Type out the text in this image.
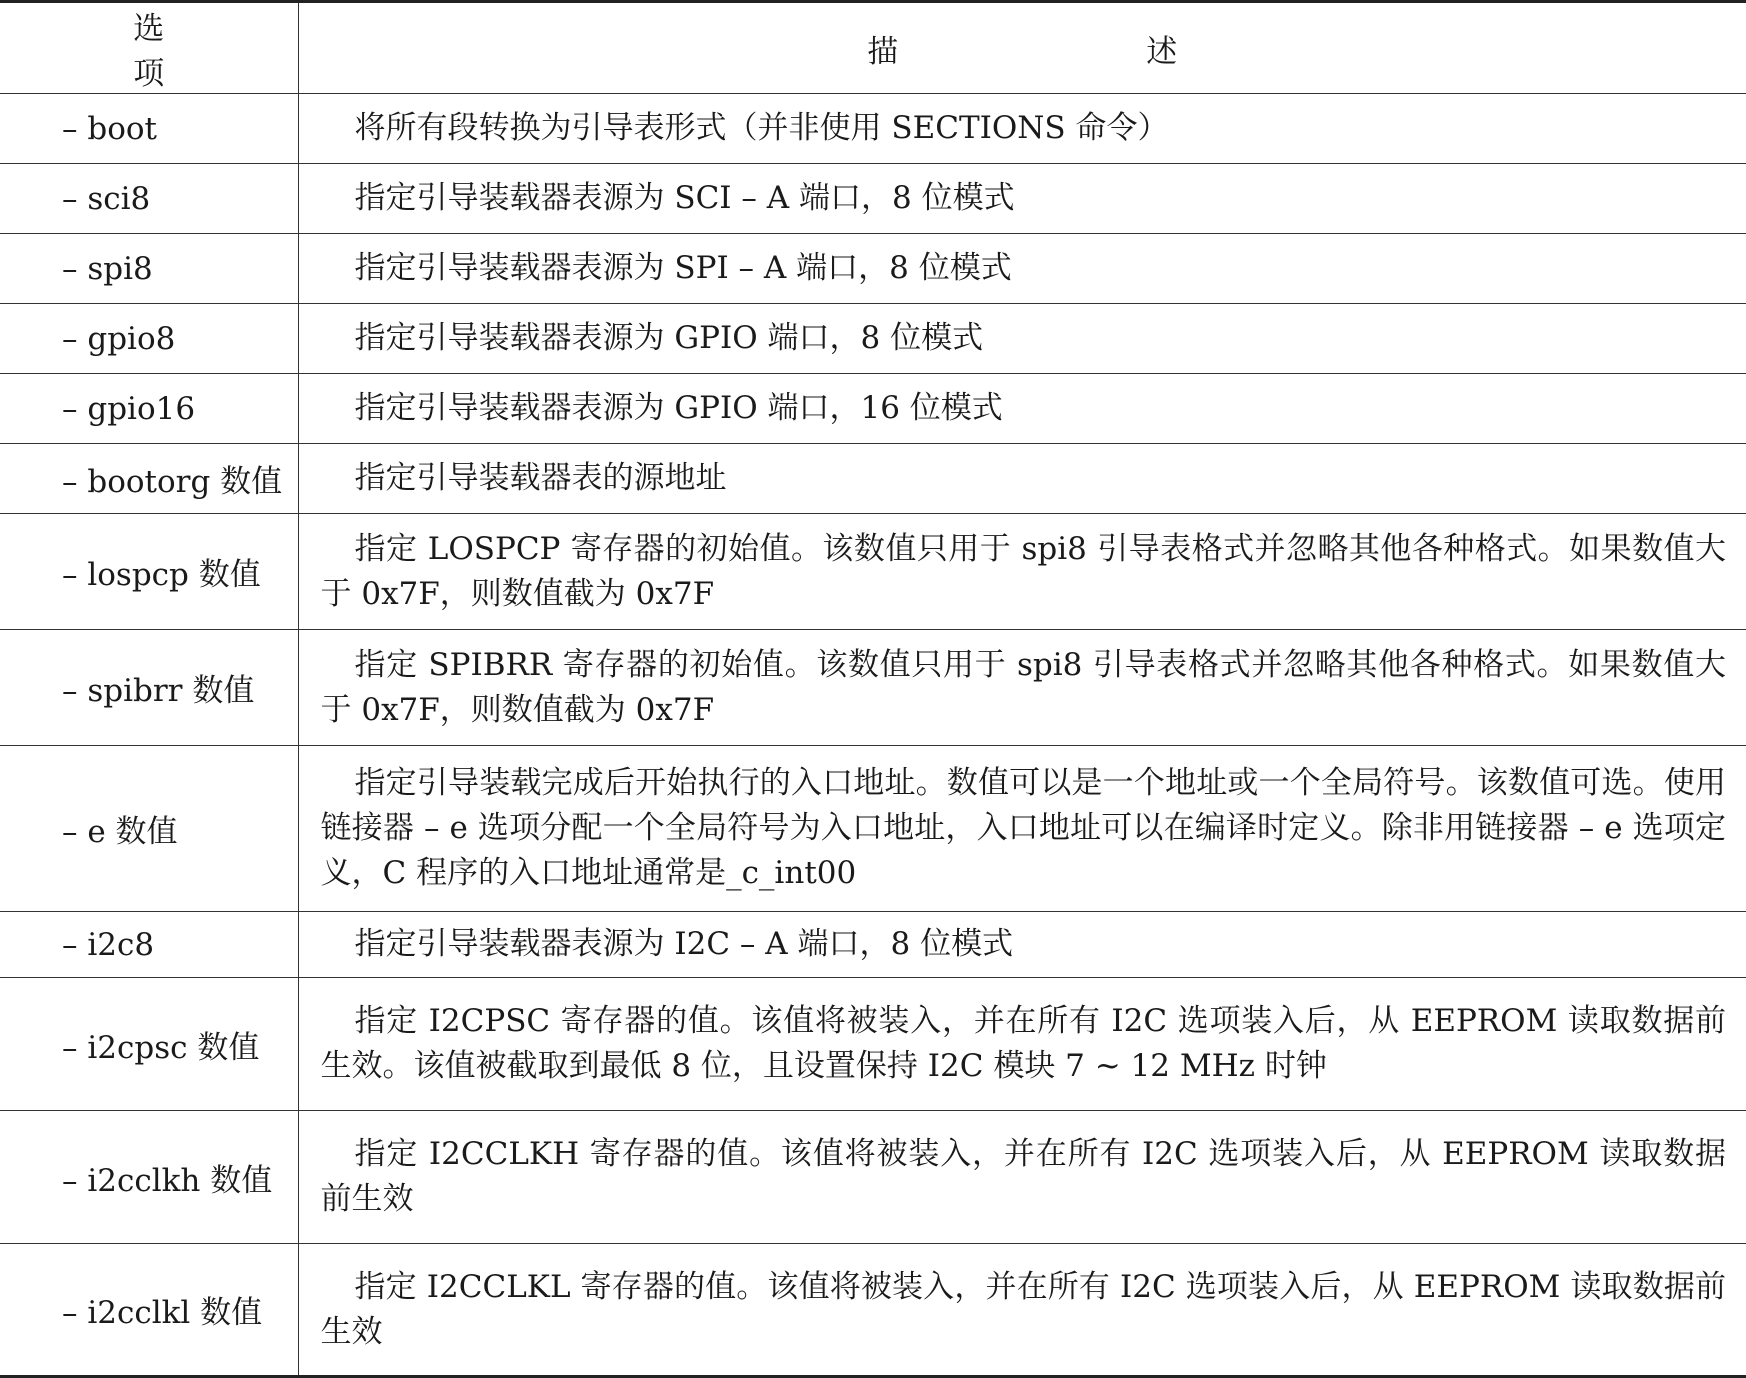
选　　项	描　　述
– boot	将所有段转换为引导表形式（并非使用 SECTIONS 命令）
– sci8	指定引导装载器表源为 SCI – A 端口，8 位模式
– spi8	指定引导装载器表源为 SPI – A 端口，8 位模式
– gpio8	指定引导装载器表源为 GPIO 端口，8 位模式
– gpio16	指定引导装载器表源为 GPIO 端口，16 位模式
– bootorg 数值	指定引导装载器表的源地址
– lospcp 数值	指定 LOSPCP 寄存器的初始值。该数值只用于 spi8 引导表格式并忽略其他各种格式。如果数值大于 0x7F，则数值截为 0x7F
– spibrr 数值	指定 SPIBRR 寄存器的初始值。该数值只用于 spi8 引导表格式并忽略其他各种格式。如果数值大于 0x7F，则数值截为 0x7F
– e 数值	指定引导装载完成后开始执行的入口地址。数值可以是一个地址或一个全局符号。该数值可选。使用链接器 – e 选项分配一个全局符号为入口地址，入口地址可以在编译时定义。除非用链接器 – e 选项定义，C 程序的入口地址通常是_c_int00
– i2c8	指定引导装载器表源为 I2C – A 端口，8 位模式
– i2cpsc 数值	指定 I2CPSC 寄存器的值。该值将被装入，并在所有 I2C 选项装入后，从 EEPROM 读取数据前生效。该值被截取到最低 8 位，且设置保持 I2C 模块 7 ~ 12 MHz 时钟
– i2cclkh 数值	指定 I2CCLKH 寄存器的值。该值将被装入，并在所有 I2C 选项装入后，从 EEPROM 读取数据前生效
– i2cclkl 数值	指定 I2CCLKL 寄存器的值。该值将被装入，并在所有 I2C 选项装入后，从 EEPROM 读取数据前生效
